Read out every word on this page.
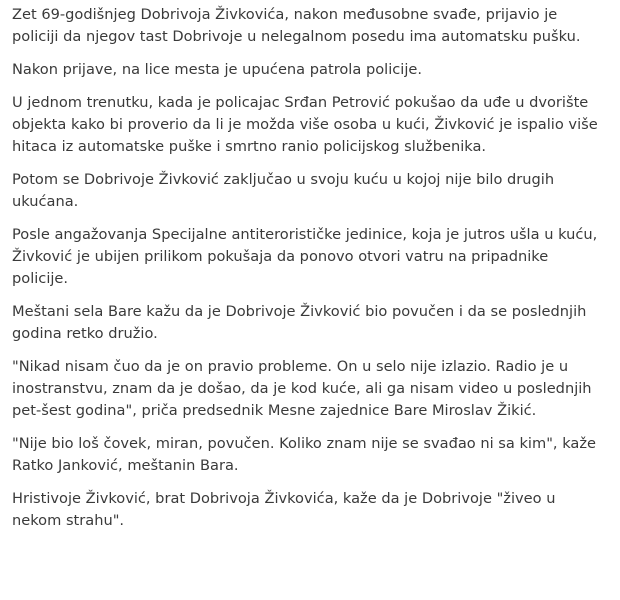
Zet 69-godišnjeg Dobrivoja Živkovića, nakon međusobne svađe, prijavio je policiji da njegov tast Dobrivoje u nelegalnom posedu ima automatsku pušku.

Nakon prijave, na lice mesta je upućena patrola policije.

U jednom trenutku, kada je policajac Srđan Petrović pokušao da uđe u dvorište objekta kako bi proverio da li je možda više osoba u kući, Živković je ispalio više hitaca iz automatske puške i smrtno ranio policijskog službenika.

Potom se Dobrivoje Živković zaključao u svoju kuću u kojoj nije bilo drugih ukućana.

Posle angažovanja Specijalne antiterorističke jedinice, koja je jutros ušla u kuću, Živković je ubijen prilikom pokušaja da ponovo otvori vatru na pripadnike policije.

Meštani sela Bare kažu da je Dobrivoje Živković bio povučen i da se poslednjih godina retko družio.

"Nikad nisam čuo da je on pravio probleme. On u selo nije izlazio. Radio je u inostranstvu, znam da je došao, da je kod kuće, ali ga nisam video u poslednjih pet-šest godina", priča predsednik Mesne zajednice Bare Miroslav Žikić.

"Nije bio loš čovek, miran, povučen. Koliko znam nije se svađao ni sa kim", kaže Ratko Janković, meštanin Bara.

Hristivoje Živković, brat Dobrivoja Živkovića, kaže da je Dobrivoje "živeo u nekom strahu".
